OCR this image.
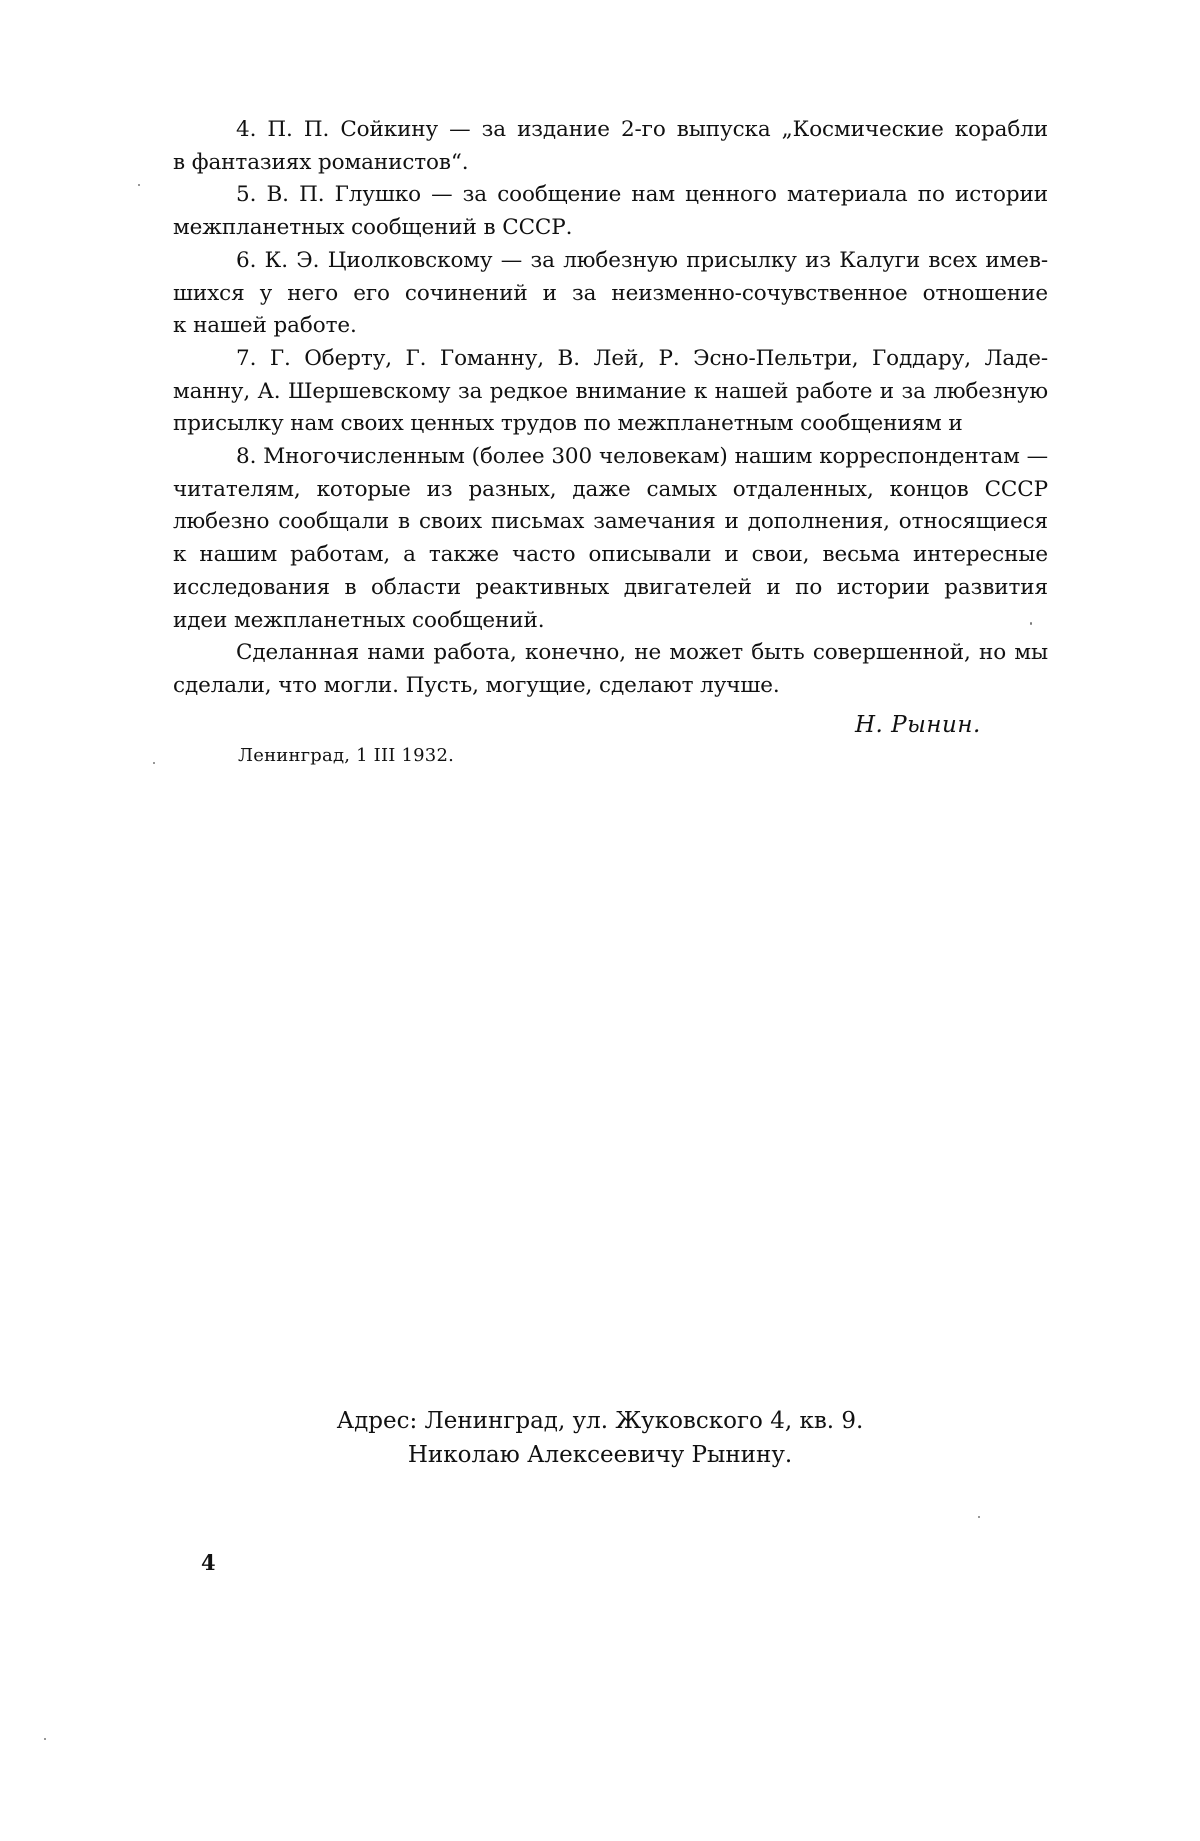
4. П. П. Сойкину — за издание 2-го выпуска „Космические корабли
в фантазиях романистов“.

5. В. П. Глушко — за сообщение нам ценного материала по истории
межпланетных сообщений в СССР.

6. К. Э. Циолковскому — за любезную присылку из Калуги всех имев-
шихся у него его сочинений и за неизменно-сочувственное отношение
к нашей работе.

7. Г. Оберту, Г. Гоманну, В. Лей, Р. Эсно-Пельтри, Годдару, Ладе-
манну, А. Шершевскому за редкое внимание к нашей работе и за любезную
присылку нам своих ценных трудов по межпланетным сообщениям и

8. Многочисленным (более 300 человекам) нашим корреспондентам —
читателям, которые из разных, даже самых отдаленных, концов СССР
любезно сообщали в своих письмах замечания и дополнения, относящиеся
к нашим работам, а также часто описывали и свои, весьма интересные
исследования в области реактивных двигателей и по истории развития
идеи межпланетных сообщений.

Сделанная нами работа, конечно, не может быть совершенной, но мы
сделали, что могли. Пусть, могущие, сделают лучше.

Н. Рынин.
Ленинград, 1 III 1932.
Адрес: Ленинград, ул. Жуковского 4, кв. 9.
Николаю Алексеевичу Рынину.
4
